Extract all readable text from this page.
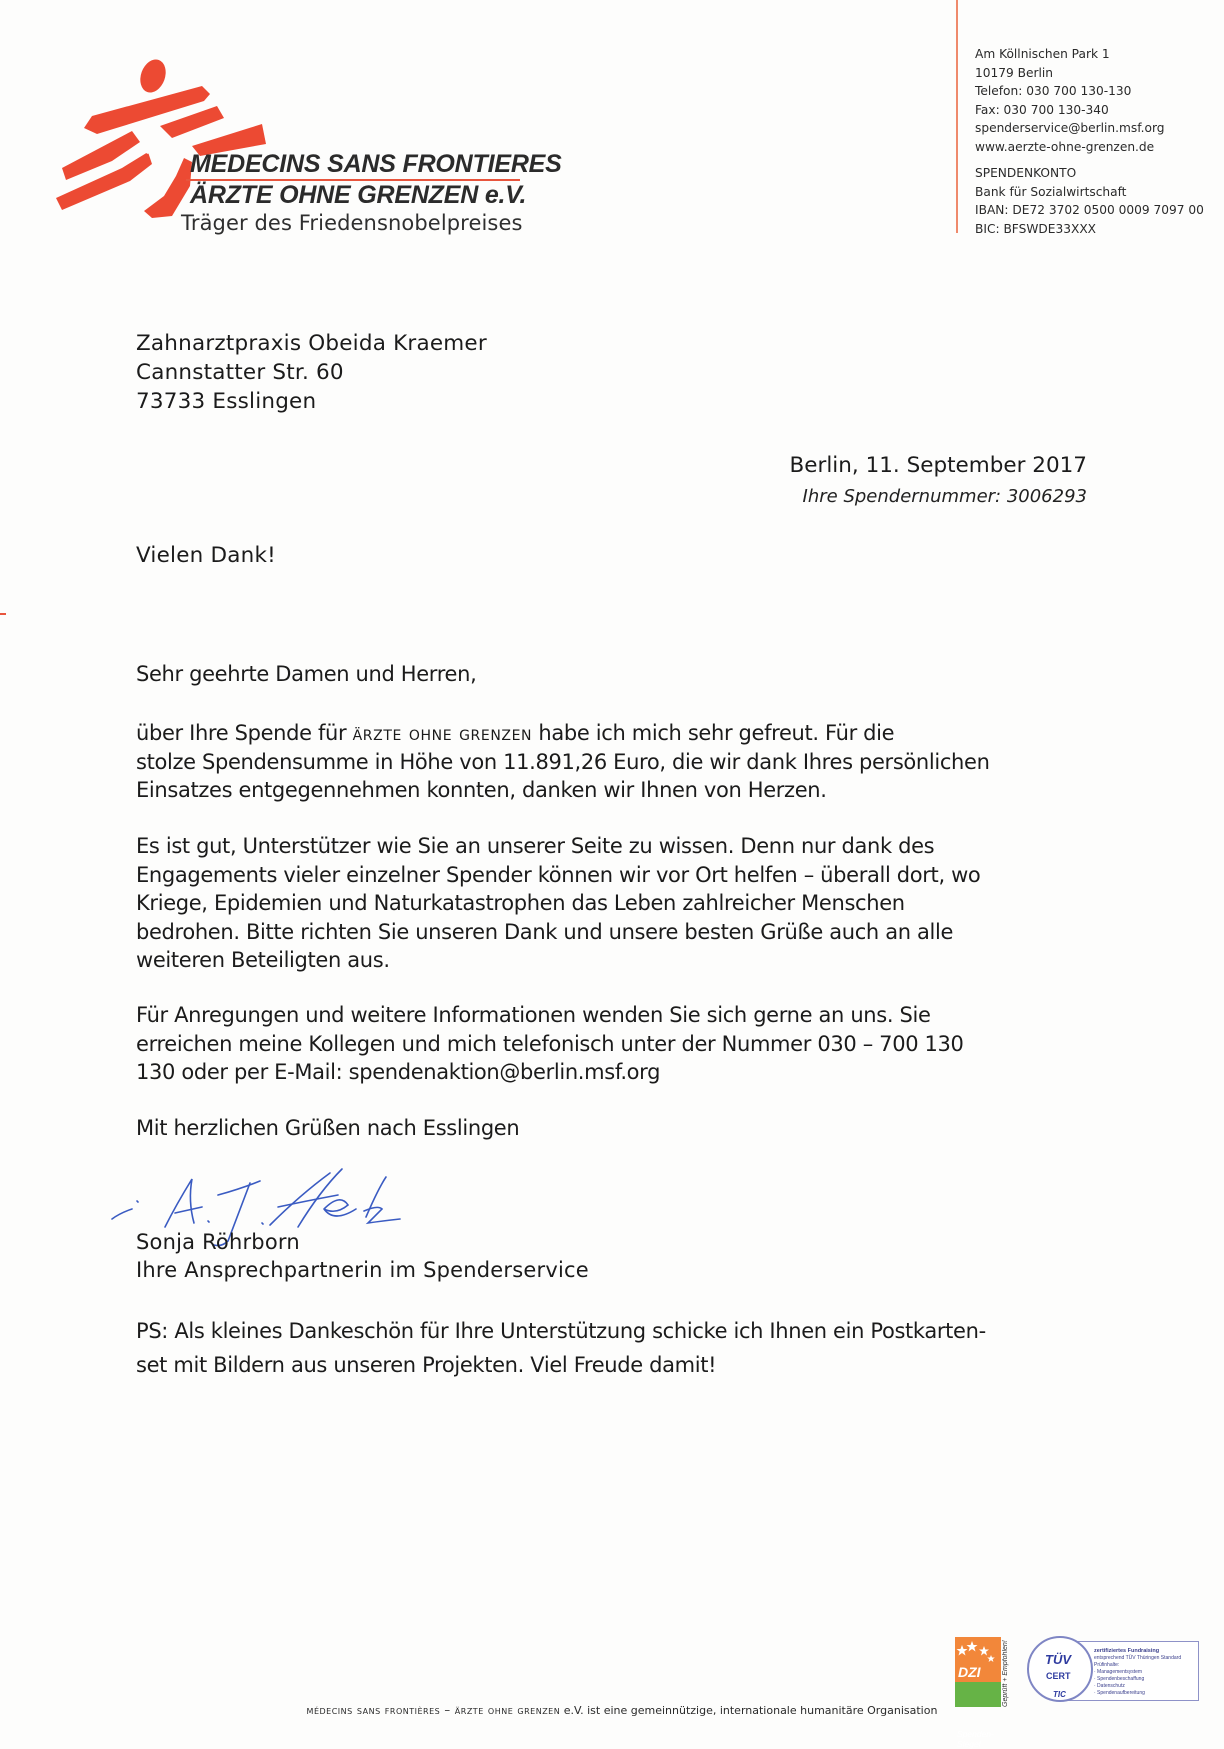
MEDECINS SANS FRONTIERES
ÄRZTE OHNE GRENZEN e.V.
Träger des Friedensnobelpreises
Am Köllnischen Park 1
10179 Berlin
Telefon: 030 700 130-130
Fax: 030 700 130-340
spenderservice@berlin.msf.org
www.aerzte-ohne-grenzen.de
SPENDENKONTO
Bank für Sozialwirtschaft
IBAN: DE72 3702 0500 0009 7097 00
BIC: BFSWDE33XXX
Zahnarztpraxis Obeida Kraemer
Cannstatter Str. 60
73733 Esslingen
Berlin, 11. September 2017
Ihre Spendernummer: 3006293
Vielen Dank!
Sehr geehrte Damen und Herren,
über Ihre Spende für ärzte ohne grenzen habe ich mich sehr gefreut. Für die
stolze Spendensumme in Höhe von 11.891,26 Euro, die wir dank Ihres persönlichen
Einsatzes entgegennehmen konnten, danken wir Ihnen von Herzen.
Es ist gut, Unterstützer wie Sie an unserer Seite zu wissen. Denn nur dank des
Engagements vieler einzelner Spender können wir vor Ort helfen – überall dort, wo
Kriege, Epidemien und Naturkatastrophen das Leben zahlreicher Menschen
bedrohen. Bitte richten Sie unseren Dank und unsere besten Grüße auch an alle
weiteren Beteiligten aus.
Für Anregungen und weitere Informationen wenden Sie sich gerne an uns. Sie
erreichen meine Kollegen und mich telefonisch unter der Nummer 030 – 700 130
130 oder per E-Mail: spendenaktion@berlin.msf.org
Mit herzlichen Grüßen nach Esslingen
Sonja Röhrborn
Ihre Ansprechpartnerin im Spenderservice
PS: Als kleines Dankeschön für Ihre Unterstützung schicke ich Ihnen ein Postkarten-
set mit Bildern aus unseren Projekten. Viel Freude damit!
DZI
Spenden-Siegel
Geprüft + Empfohlen!	zertifiziertes Fundraising
entsprechend TÜV Thüringen Standard
Prüfinhalte:
· Managementsystem
· Spendenbeschaffung
· Datenschutz
· Spendenaufbereitung
TÜV
CERT
TIC
médecins sans frontières – ärzte ohne grenzen e.V. ist eine gemeinnützige, internationale humanitäre Organisation
